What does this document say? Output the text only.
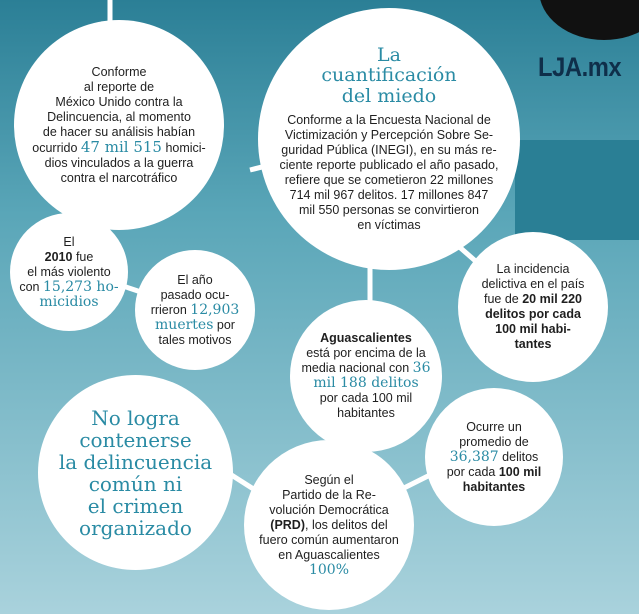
LJA.mx
Conforme
al reporte de
México Unido contra la
Delincuencia, al momento
de hacer su análisis habían
ocurrido 47 mil 515 homici-
dios vinculados a la guerra
contra el narcotráfico
La
cuantificación
del miedo
Conforme a la Encuesta Nacional de
Victimización y Percepción Sobre Se-
guridad Pública (INEGI), en su más re-
ciente reporte publicado el año pasado,
refiere que se cometieron 22 millones
714 mil 967 delitos. 17 millones 847
mil 550 personas se convirtieron
en víctimas
El
2010 fue
el más violento
con 15,273 ho-
micidios
El año
pasado ocu-
rrieron 12,903
muertes por
tales motivos
La incidencia
delictiva en el país
fue de 20 mil 220
delitos por cada
100 mil habi-
tantes
Aguascalientes
está por encima de la
media nacional con 36
mil 188 delitos
por cada 100 mil
habitantes
Ocurre un
promedio de
36,387 delitos
por cada 100 mil
habitantes
No logra
contenerse
la delincuencia
común ni
el crimen
organizado
Según el
Partido de la Re-
volución Democrática
(PRD), los delitos del
fuero común aumentaron
en Aguascalientes
100%
